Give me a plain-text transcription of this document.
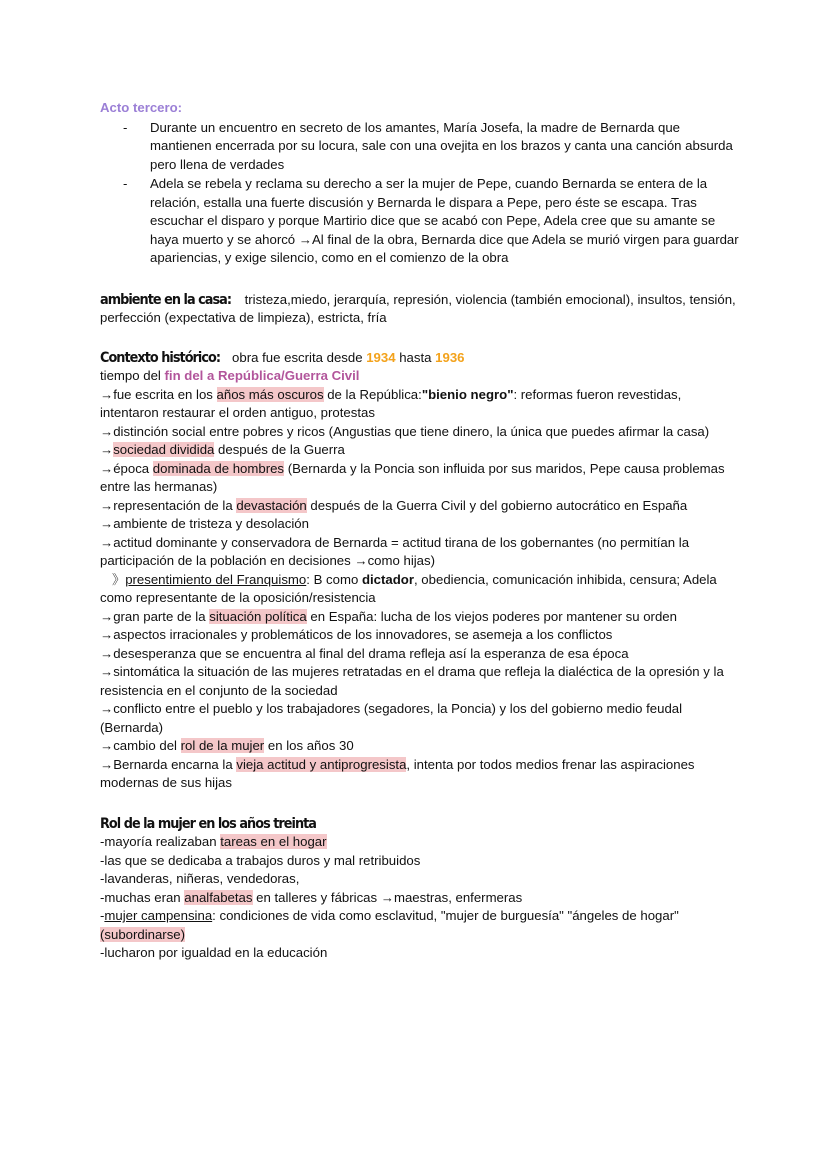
Acto tercero:
- Durante un encuentro en secreto de los amantes, María Josefa, la madre de Bernarda que mantienen encerrada por su locura, sale con una ovejita en los brazos y canta una canción absurda pero llena de verdades
- Adela se rebela y reclama su derecho a ser la mujer de Pepe, cuando Bernarda se entera de la relación, estalla una fuerte discusión y Bernarda le dispara a Pepe, pero éste se escapa. Tras escuchar el disparo y porque Martirio dice que se acabó con Pepe, Adela cree que su amante se haya muerto y se ahorcó →Al final de la obra, Bernarda dice que Adela se murió virgen para guardar apariencias, y exige silencio, como en el comienzo de la obra
ambiente en la casa: tristeza,miedo, jerarquía, represión, violencia (también emocional), insultos, tensión, perfección (expectativa de limpieza), estricta, fría
Contexto histórico: obra fue escrita desde 1934 hasta 1936
tiempo del fin del a República/Guerra Civil
→fue escrita en los años más oscuros de la República:"bienio negro": reformas fueron revestidas, intentaron restaurar el orden antiguo, protestas
→distinción social entre pobres y ricos (Angustias que tiene dinero, la única que puedes afirmar la casa) →sociedad dividida después de la Guerra
→época dominada de hombres (Bernarda y la Poncia son influida por sus maridos, Pepe causa problemas entre las hermanas)
→representación de la devastación después de la Guerra Civil y del gobierno autocrático en España
→ambiente de tristeza y desolación
→actitud dominante y conservadora de Bernarda = actitud tirana de los gobernantes (no permitían la participación de la población en decisiones →como hijas)
》presentimiento del Franquismo: B como dictador, obediencia, comunicación inhibida, censura; Adela como representante de la oposición/resistencia
→gran parte de la situación política en España: lucha de los viejos poderes por mantener su orden
→aspectos irracionales y problemáticos de los innovadores, se asemeja a los conflictos
→desesperanza que se encuentra al final del drama refleja así la esperanza de esa época
→sintomática la situación de las mujeres retratadas en el drama que refleja la dialéctica de la opresión y la resistencia en el conjunto de la sociedad
→conflicto entre el pueblo y los trabajadores (segadores, la Poncia) y los del gobierno medio feudal (Bernarda)
→cambio del rol de la mujer en los años 30
→Bernarda encarna la vieja actitud y antiprogresista, intenta por todos medios frenar las aspiraciones modernas de sus hijas
Rol de la mujer en los años treinta
-mayoría realizaban tareas en el hogar
-las que se dedicaba a trabajos duros y mal retribuidos
-lavanderas, niñeras, vendedoras,
-muchas eran analfabetas en talleres y fábricas →maestras, enfermeras
-mujer campensina: condiciones de vida como esclavitud, "mujer de burguesía" "ángeles de hogar" (subordinarse)
-lucharon por igualdad en la educación
